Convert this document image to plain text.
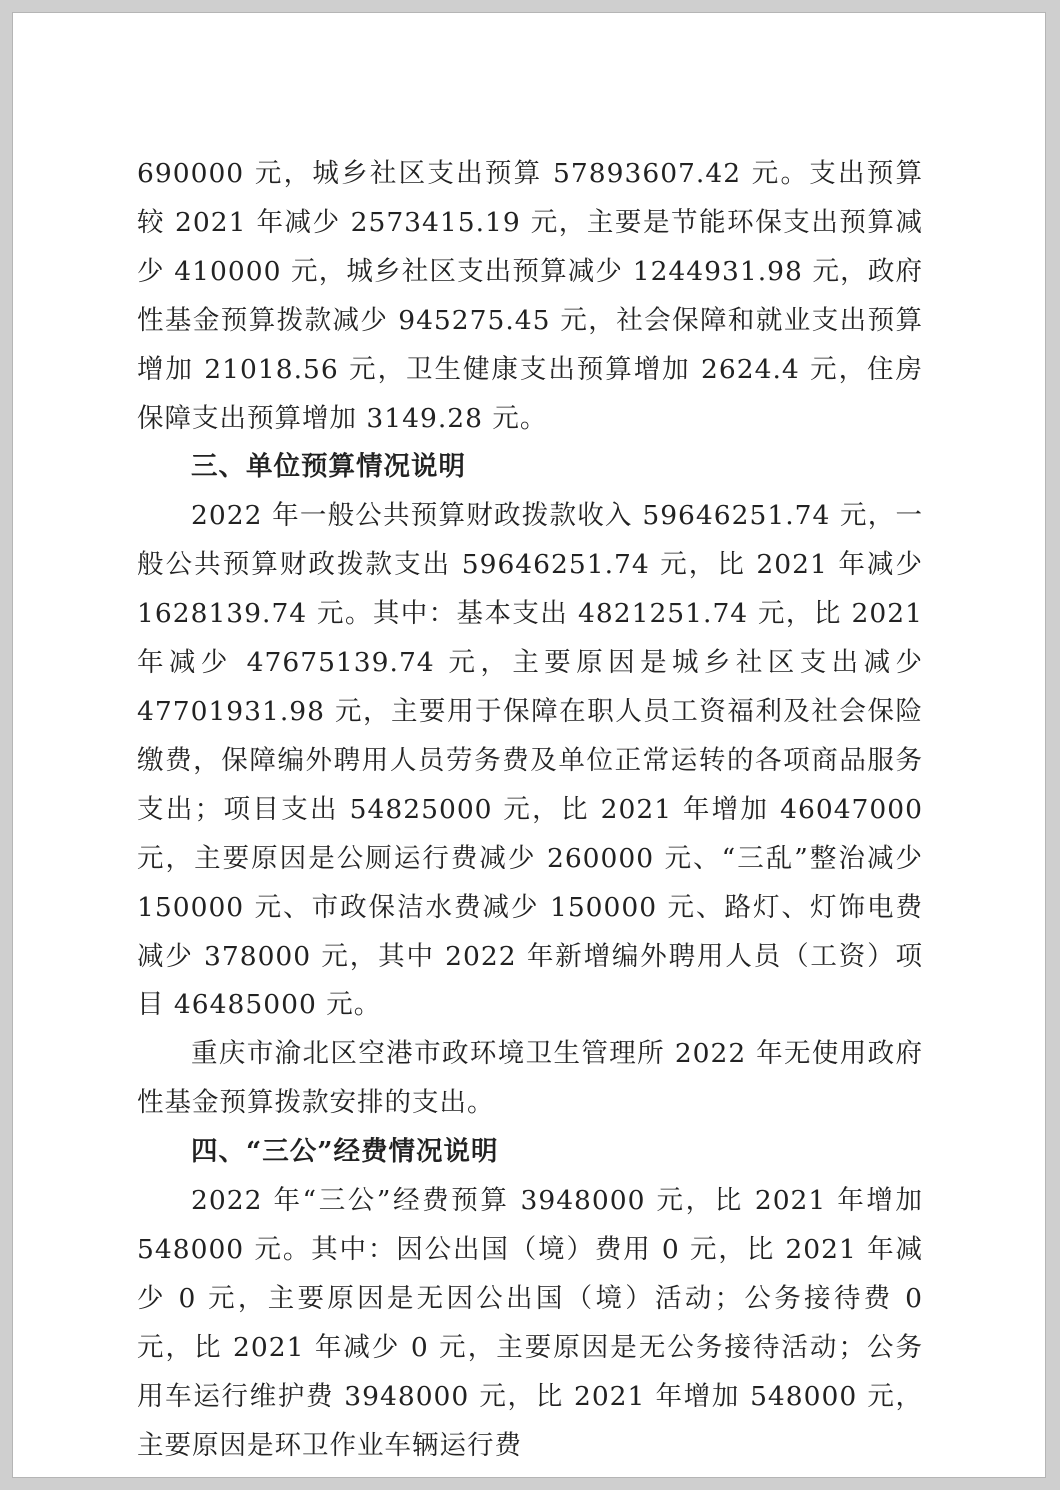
690000 元，城乡社区支出预算 57893607.42 元。支出预算较 2021 年减少 2573415.19 元，主要是节能环保支出预算减少 410000 元，城乡社区支出预算减少 1244931.98 元，政府性基金预算拨款减少 945275.45 元，社会保障和就业支出预算增加 21018.56 元，卫生健康支出预算增加 2624.4 元，住房保障支出预算增加 3149.28 元。

三、单位预算情况说明

2022 年一般公共预算财政拨款收入 59646251.74 元，一般公共预算财政拨款支出 59646251.74 元，比 2021 年减少 1628139.74 元。其中：基本支出 4821251.74 元，比 2021 年减少 47675139.74 元，主要原因是城乡社区支出减少 47701931.98 元，主要用于保障在职人员工资福利及社会保险缴费，保障编外聘用人员劳务费及单位正常运转的各项商品服务支出；项目支出 54825000 元，比 2021 年增加 46047000 元，主要原因是公厕运行费减少 260000 元、“三乱”整治减少 150000 元、市政保洁水费减少 150000 元、路灯、灯饰电费减少 378000 元，其中 2022 年新增编外聘用人员（工资）项目 46485000 元。

重庆市渝北区空港市政环境卫生管理所 2022 年无使用政府性基金预算拨款安排的支出。

四、“三公”经费情况说明

2022 年“三公”经费预算 3948000 元，比 2021 年增加 548000 元。其中：因公出国（境）费用 0 元，比 2021 年减少 0 元，主要原因是无因公出国（境）活动；公务接待费 0 元，比 2021 年减少 0 元，主要原因是无公务接待活动；公务用车运行维护费 3948000 元，比 2021 年增加 548000 元，主要原因是环卫作业车辆运行费
